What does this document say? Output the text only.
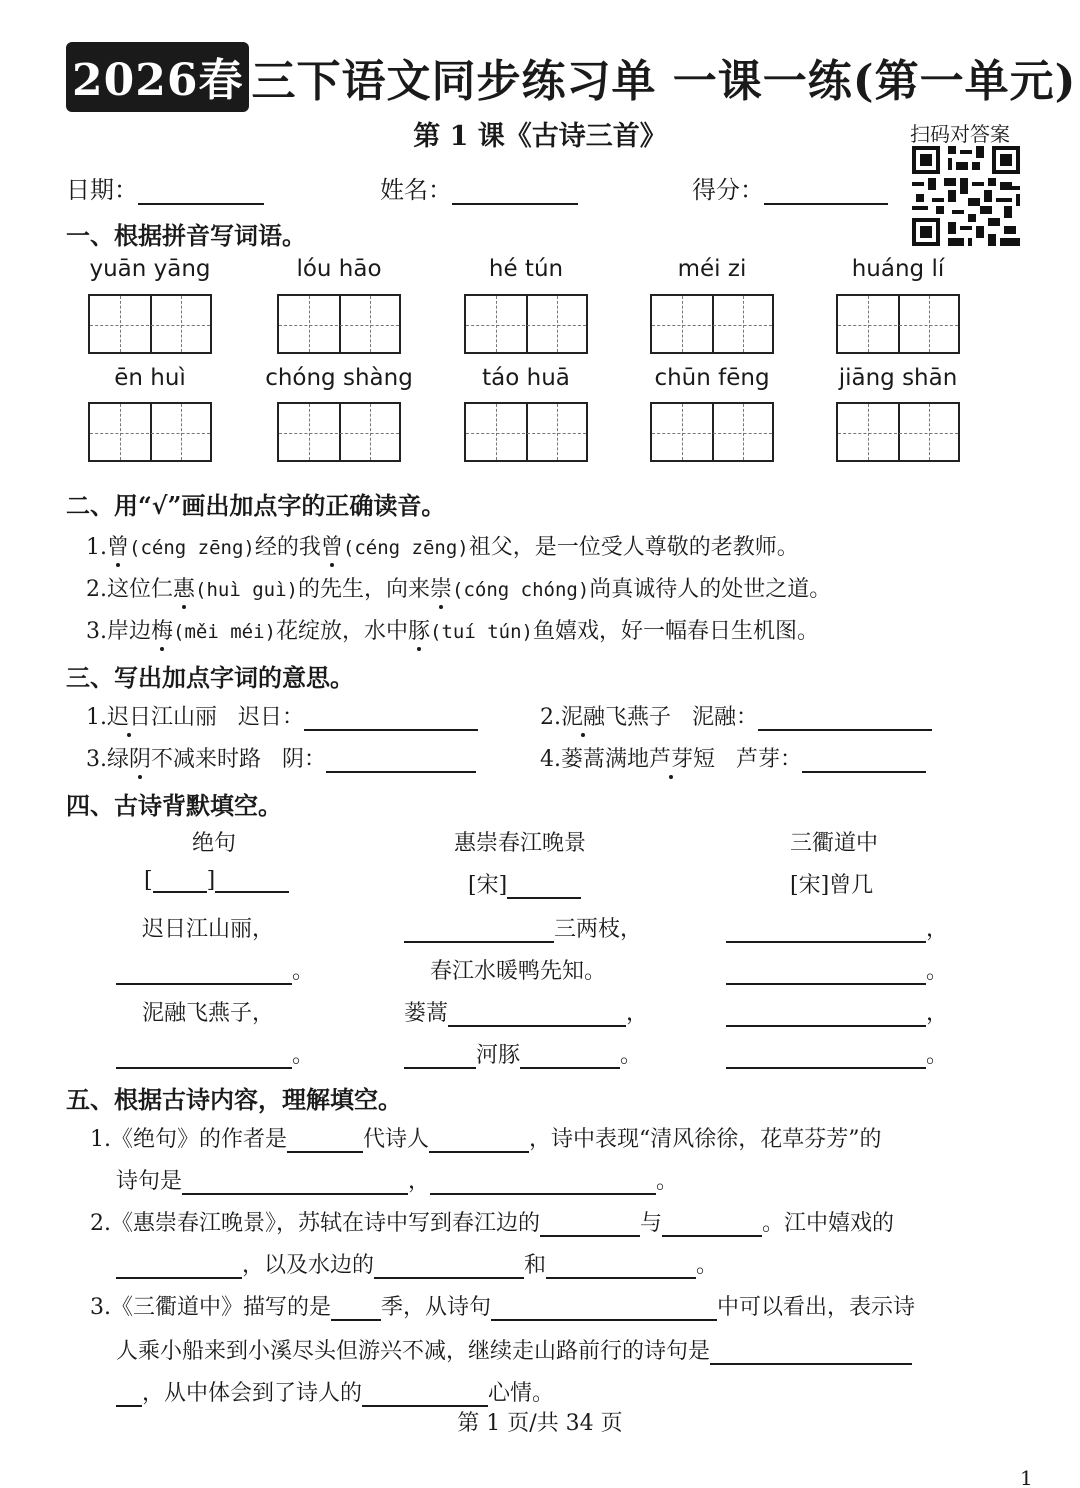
2026春 三下语文同步练习单 一课一练(第一单元)
第 1 课《古诗三首》	扫码对答案
日期：	姓名：	得分：
一、根据拼音写词语。
yuān yāng	lóu hāo	hé tún	méi zi	huáng lí
ēn huì	chóng shàng	táo huā	chūn fēng	jiāng shān
二、用“√”画出加点字的正确读音。
1.曾(céng zēng)经的我曾(céng zēng)祖父，是一位受人尊敬的老教师。
2.这位仁惠(huì guì)的先生，向来崇(cóng chóng)尚真诚待人的处世之道。
3.岸边梅(měi méi)花绽放，水中豚(tuí tún)鱼嬉戏，好一幅春日生机图。
三、写出加点字词的意思。
1.迟日江山丽 迟日：	2.泥融飞燕子 泥融：
3.绿阴不减来时路 阴：	4.蒌蒿满地芦芽短 芦芽：
四、古诗背默填空。
绝句	惠崇春江晚景	三衢道中
[ ]	[宋]	[宋]曾几
迟日江山丽，	三两枝，	，
。	春江水暖鸭先知。	。
泥融飞燕子，	蒌蒿	，	，
。	河豚	。	。
五、根据古诗内容，理解填空。
1.《绝句》的作者是	代诗人	，诗中表现“清风徐徐，花草芬芳”的
诗句是	，	。
2.《惠崇春江晚景》，苏轼在诗中写到春江边的	与	。江中嬉戏的
，以及水边的	和	。
3.《三衢道中》描写的是 季，从诗句	中可以看出，表示诗
人乘小船来到小溪尽头但游兴不减，继续走山路前行的诗句是
，从中体会到了诗人的	心情。
第 1 页/共 34 页
1
